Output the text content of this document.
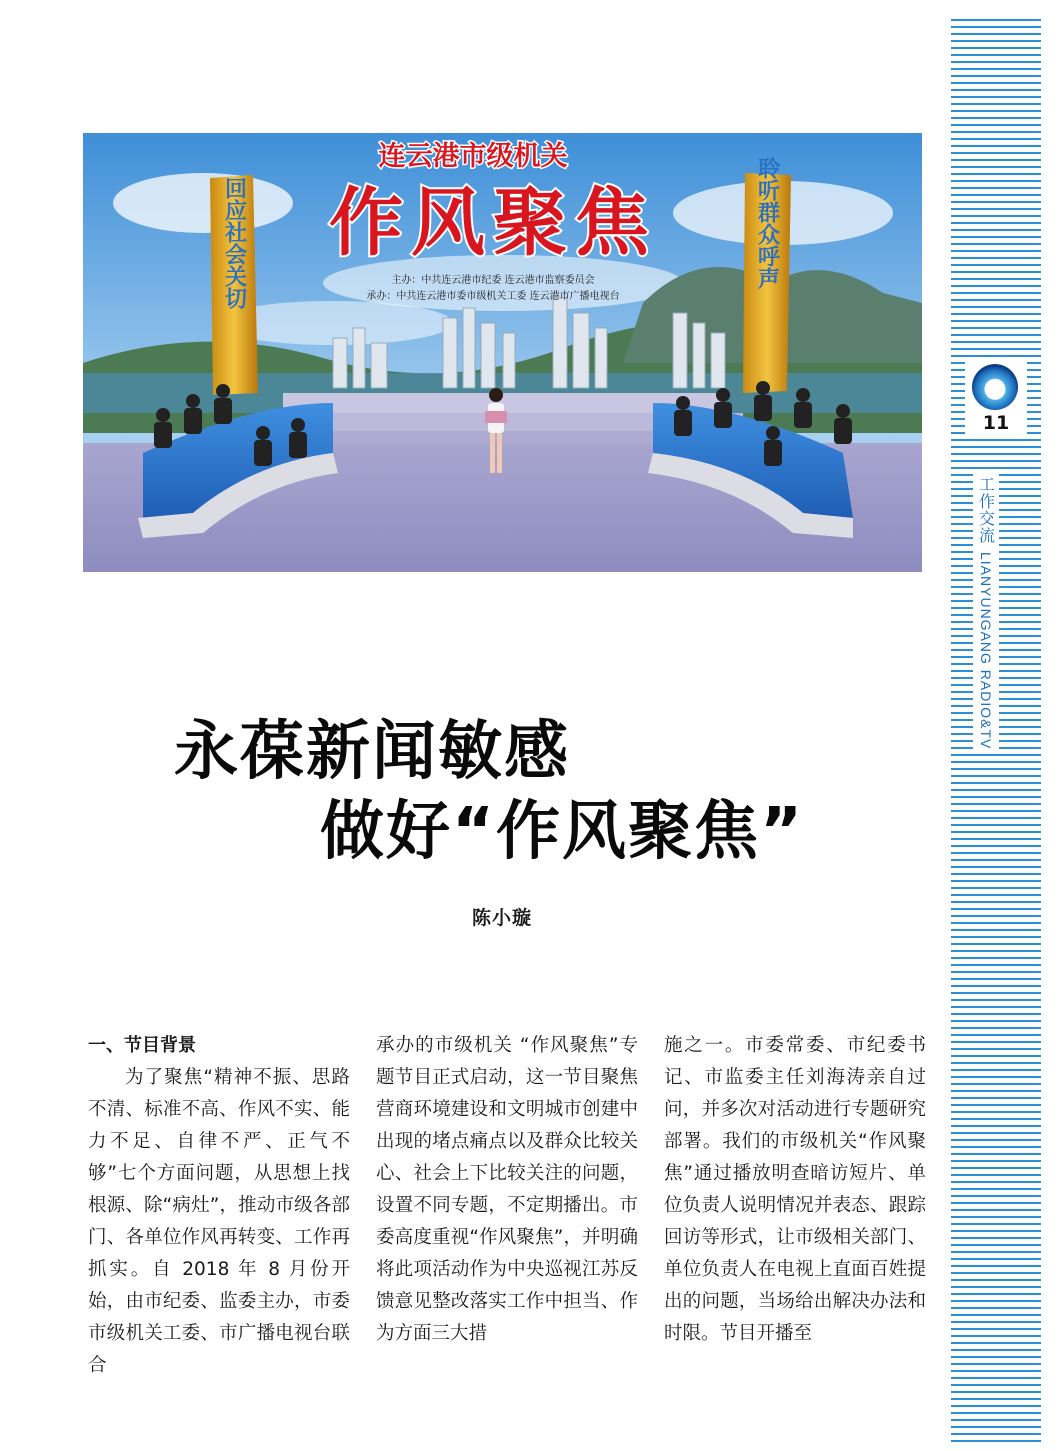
11
工作交流
LIANYUNGANG RADIO&TV
连云港市级机关
作风聚焦
主办：中共连云港市纪委 连云港市监察委员会
承办：中共连云港市委市级机关工委 连云港市广播电视台
回应社会关切	聆听群众呼声
永葆新闻敏感
做好“作风聚焦”
陈小璇

一、节目背景

为了聚焦“精神不振、思路不清、标准不高、作风不实、能力不足、自律不严、正气不够”七个方面问题，从思想上找根源、除“病灶”，推动市级各部门、各单位作风再转变、工作再抓实。自 2018 年 8 月份开始，由市纪委、监委主办，市委市级机关工委、市广播电视台联合

承办的市级机关 “作风聚焦”专题节目正式启动，这一节目聚焦营商环境建设和文明城市创建中出现的堵点痛点以及群众比较关心、社会上下比较关注的问题，设置不同专题，不定期播出。市委高度重视“作风聚焦”，并明确将此项活动作为中央巡视江苏反馈意见整改落实工作中担当、作为方面三大措

施之一。市委常委、市纪委书记、市监委主任刘海涛亲自过问，并多次对活动进行专题研究部署。我们的市级机关“作风聚焦”通过播放明查暗访短片、单位负责人说明情况并表态、跟踪回访等形式，让市级相关部门、单位负责人在电视上直面百姓提出的问题，当场给出解决办法和时限。节目开播至
